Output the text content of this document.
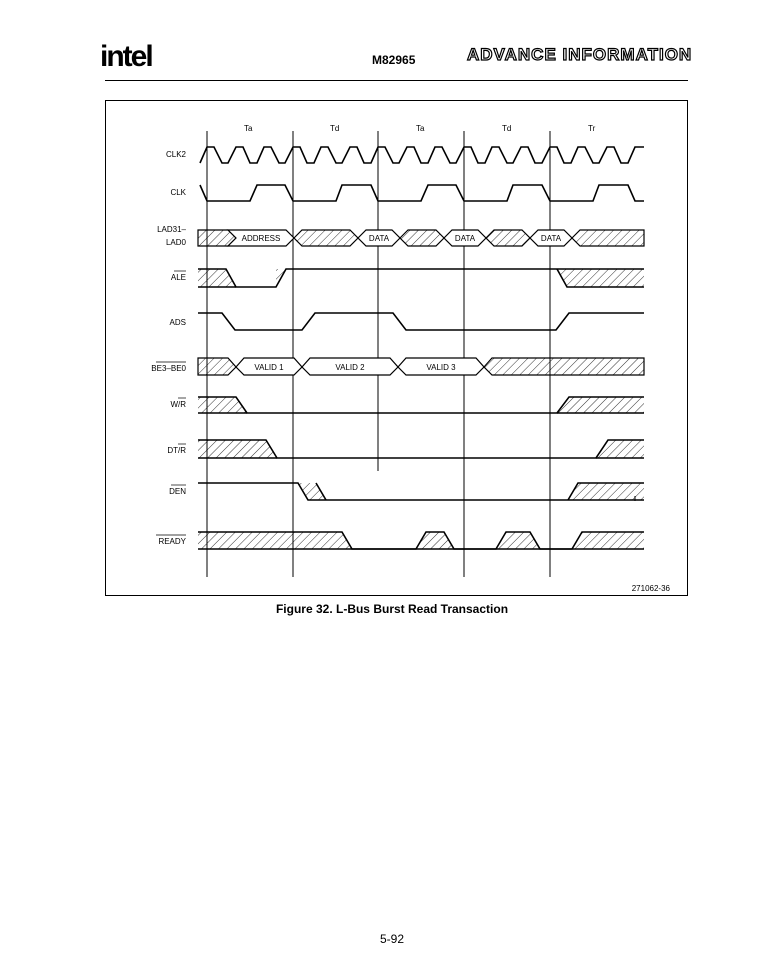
intel	M82965	ADVANCE INFORMATION
Ta	Td	Ta	Td	Tr
CLK2
CLK
LAD31–
LAD0
ALE
ADS
BE3–BE0
W/R
DT/R
DEN
READY
ADDRESS	DATA	DATA	DATA
VALID 1	VALID 2	VALID 3
271062-36
Figure 32. L-Bus Burst Read Transaction
5-92
